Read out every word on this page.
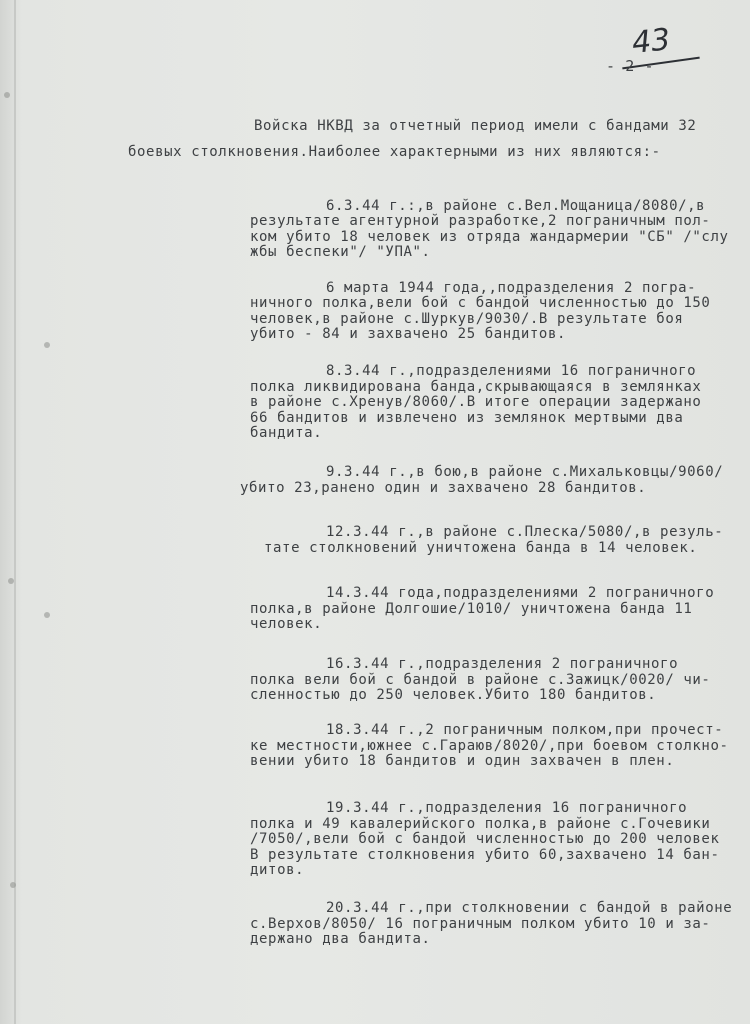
43
- 2 -
Войска НКВД за отчетный период имели с бандами 32
боевых столкновения.Наиболее характерными из них являются:-
6.3.44 г.:,в районе с.Вел.Мощаница/8080/,в
результате агентурной разработке,2 пограничным пол-
ком убито 18 человек из отряда жандармерии "СБ" /"слу
жбы беспеки"/ "УПА".
6 марта 1944 года,,подразделения 2 погра-
ничного полка,вели бой с бандой численностью до 150
человек,в районе с.Шуркув/9030/.В результате боя
убито - 84 и захвачено 25 бандитов.
8.3.44 г.,подразделениями 16 пограничного
полка ликвидирована банда,скрывающаяся в землянках
в районе с.Хренув/8060/.В итоге операции задержано
66 бандитов и извлечено из землянок мертвыми два
бандита.
9.3.44 г.,в бою,в районе с.Михальковцы/9060/
убито 23,ранено один и захвачено 28 бандитов.
12.3.44 г.,в районе с.Плеска/5080/,в резуль-
тате столкновений уничтожена банда в 14 человек.
14.3.44 года,подразделениями 2 пограничного
полка,в районе Долгошие/1010/ уничтожена банда 11
человек.
16.3.44 г.,подразделения 2 пограничного
полка вели бой с бандой в районе с.Зажицк/0020/ чи-
сленностью до 250 человек.Убито 180 бандитов.
18.3.44 г.,2 пограничным полком,при прочест-
ке местности,южнее с.Гараюв/8020/,при боевом столкно-
вении убито 18 бандитов и один захвачен в плен.
19.3.44 г.,подразделения 16 пограничного
полка и 49 кавалерийского полка,в районе с.Гочевики
/7050/,вели бой с бандой численностью до 200 человек
В результате столкновения убито 60,захвачено 14 бан-
дитов.
20.3.44 г.,при столкновении с бандой в районе
с.Верхов/8050/ 16 пограничным полком убито 10 и за-
держано два бандита.
